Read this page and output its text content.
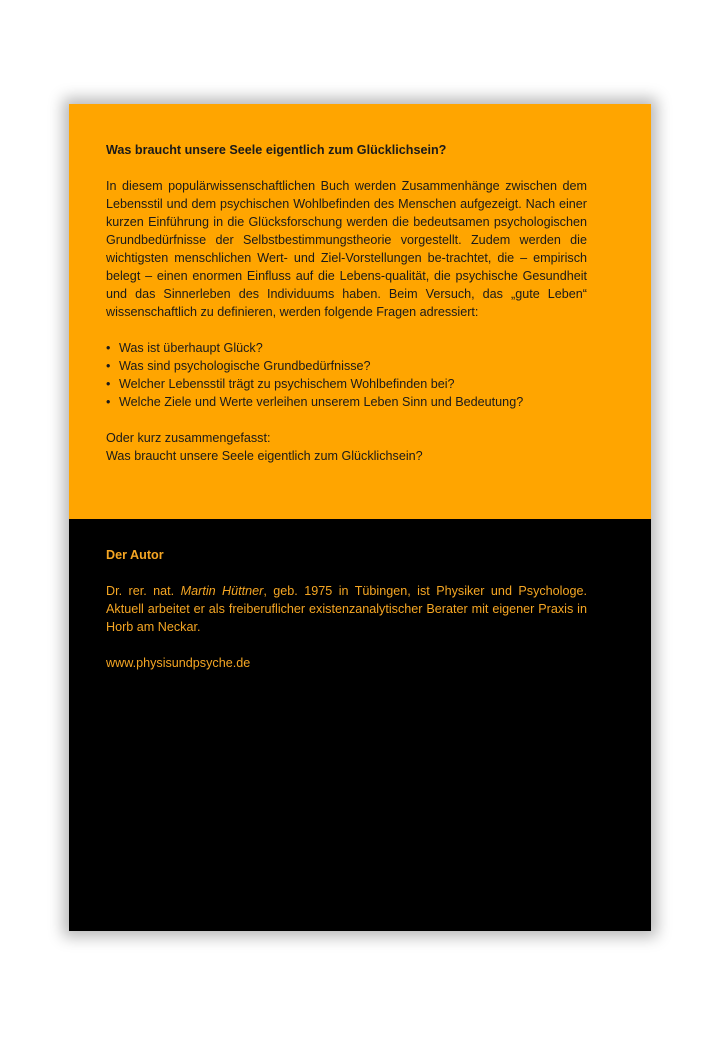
Was braucht unsere Seele eigentlich zum Glücklichsein?

In diesem populärwissenschaftlichen Buch werden Zusammenhänge zwischen dem Lebensstil und dem psychischen Wohlbefinden des Menschen aufgezeigt. Nach einer kurzen Einführung in die Glücksforschung werden die bedeutsamen psychologischen Grundbedürfnisse der Selbstbestimmungstheorie vorgestellt. Zudem werden die wichtigsten menschlichen Wert- und Ziel-Vorstellungen be-trachtet, die – empirisch belegt – einen enormen Einfluss auf die Lebens-qualität, die psychische Gesundheit und das Sinnerleben des Individuums haben. Beim Versuch, das „gute Leben“ wissenschaftlich zu definieren, werden folgende Fragen adressiert:

• Was ist überhaupt Glück?
• Was sind psychologische Grundbedürfnisse?
• Welcher Lebensstil trägt zu psychischem Wohlbefinden bei?
• Welche Ziele und Werte verleihen unserem Leben Sinn und Bedeutung?

Oder kurz zusammengefasst:

Was braucht unsere Seele eigentlich zum Glücklichsein?

Der Autor

Dr. rer. nat. Martin Hüttner, geb. 1975 in Tübingen, ist Physiker und Psychologe. Aktuell arbeitet er als freiberuflicher existenzanalytischer Berater mit eigener Praxis in Horb am Neckar.

www.physisundpsyche.de
